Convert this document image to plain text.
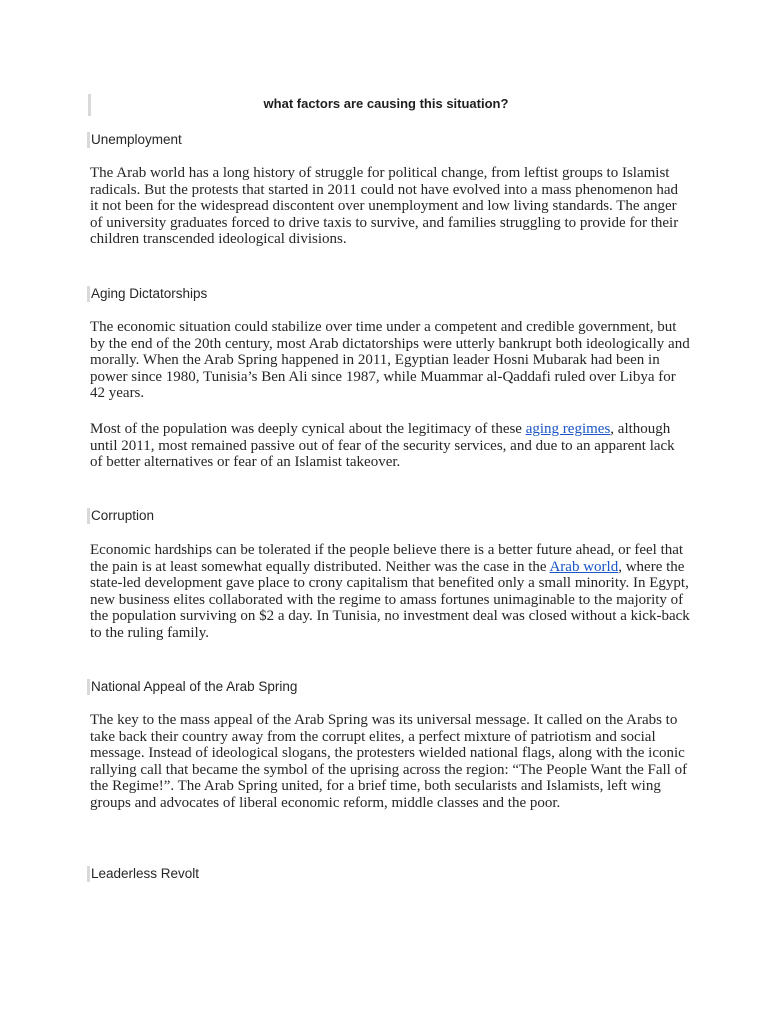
what factors are causing this situation?
Unemployment

The Arab world has a long history of struggle for political change, from leftist groups to Islamist radicals. But the protests that started in 2011 could not have evolved into a mass phenomenon had it not been for the widespread discontent over unemployment and low living standards. The anger of university graduates forced to drive taxis to survive, and families struggling to provide for their children transcended ideological divisions.

Aging Dictatorships

The economic situation could stabilize over time under a competent and credible government, but by the end of the 20th century, most Arab dictatorships were utterly bankrupt both ideologically and morally. When the Arab Spring happened in 2011, Egyptian leader Hosni Mubarak had been in power since 1980, Tunisia’s Ben Ali since 1987, while Muammar al-Qaddafi ruled over Libya for 42 years.

Most of the population was deeply cynical about the legitimacy of these aging regimes, although until 2011, most remained passive out of fear of the security services, and due to an apparent lack of better alternatives or fear of an Islamist takeover.

Corruption

Economic hardships can be tolerated if the people believe there is a better future ahead, or feel that the pain is at least somewhat equally distributed. Neither was the case in the Arab world, where the state-led development gave place to crony capitalism that benefited only a small minority. In Egypt, new business elites collaborated with the regime to amass fortunes unimaginable to the majority of the population surviving on $2 a day. In Tunisia, no investment deal was closed without a kick-back to the ruling family.

National Appeal of the Arab Spring

The key to the mass appeal of the Arab Spring was its universal message. It called on the Arabs to take back their country away from the corrupt elites, a perfect mixture of patriotism and social message. Instead of ideological slogans, the protesters wielded national flags, along with the iconic rallying call that became the symbol of the uprising across the region: “The People Want the Fall of the Regime!”. The Arab Spring united, for a brief time, both secularists and Islamists, left wing groups and advocates of liberal economic reform, middle classes and the poor.

Leaderless Revolt
